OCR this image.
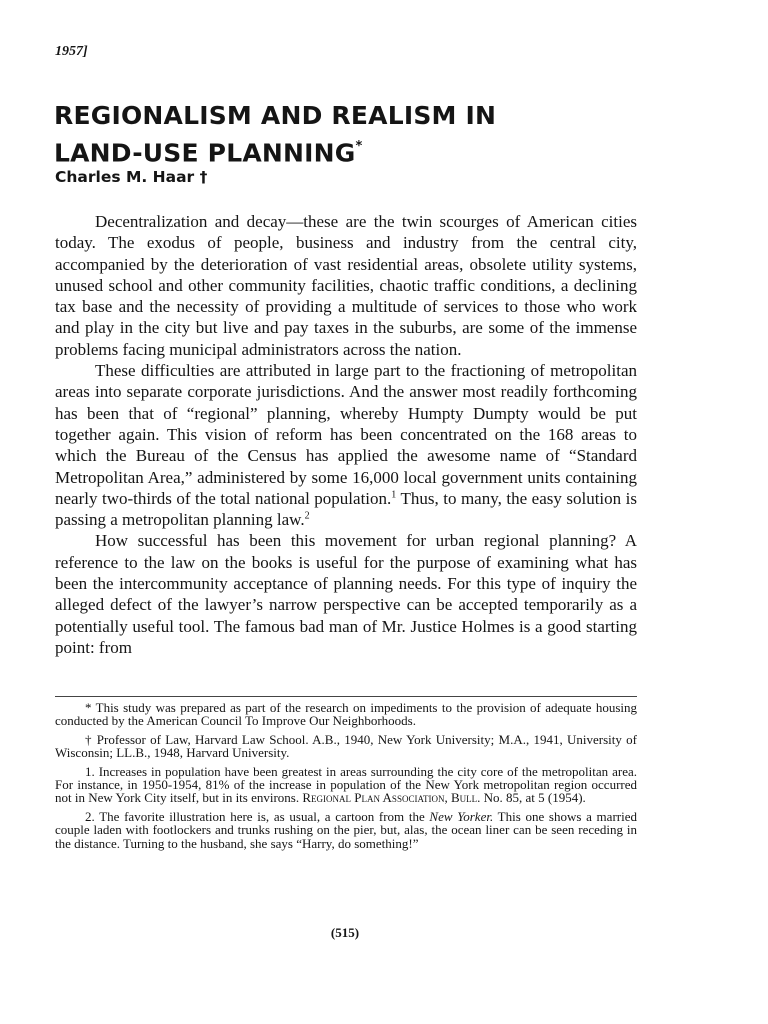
1957]
REGIONALISM AND REALISM IN
LAND-USE PLANNING*
Charles M. Haar †

Decentralization and decay—these are the twin scourges of American cities today. The exodus of people, business and industry from the central city, accompanied by the deterioration of vast residential areas, obsolete utility systems, unused school and other community facilities, chaotic traffic conditions, a declining tax base and the necessity of providing a multitude of services to those who work and play in the city but live and pay taxes in the suburbs, are some of the immense problems facing municipal administrators across the nation.

These difficulties are attributed in large part to the fractioning of metropolitan areas into separate corporate jurisdictions. And the answer most readily forthcoming has been that of “regional” planning, whereby Humpty Dumpty would be put together again. This vision of reform has been concentrated on the 168 areas to which the Bureau of the Census has applied the awesome name of “Standard Metropolitan Area,” administered by some 16,000 local government units containing nearly two-thirds of the total national population.$^1$ Thus, to many, the easy solution is passing a metropolitan planning law.$^2$

How successful has been this movement for urban regional planning? A reference to the law on the books is useful for the purpose of examining what has been the intercommunity acceptance of planning needs. For this type of inquiry the alleged defect of the lawyer’s narrow perspective can be accepted temporarily as a potentially useful tool. The famous bad man of Mr. Justice Holmes is a good starting point: from

* This study was prepared as part of the research on impediments to the provision of adequate housing conducted by the American Council To Improve Our Neighborhoods.

† Professor of Law, Harvard Law School. A.B., 1940, New York University; M.A., 1941, University of Wisconsin; LL.B., 1948, Harvard University.

1. Increases in population have been greatest in areas surrounding the city core of the metropolitan area. For instance, in 1950-1954, 81% of the increase in population of the New York metropolitan region occurred not in New York City itself, but in its environs. Regional Plan Association, Bull. No. 85, at 5 (1954).

2. The favorite illustration here is, as usual, a cartoon from the New Yorker. This one shows a married couple laden with footlockers and trunks rushing on the pier, but, alas, the ocean liner can be seen receding in the distance. Turning to the husband, she says “Harry, do something!”

(515)
